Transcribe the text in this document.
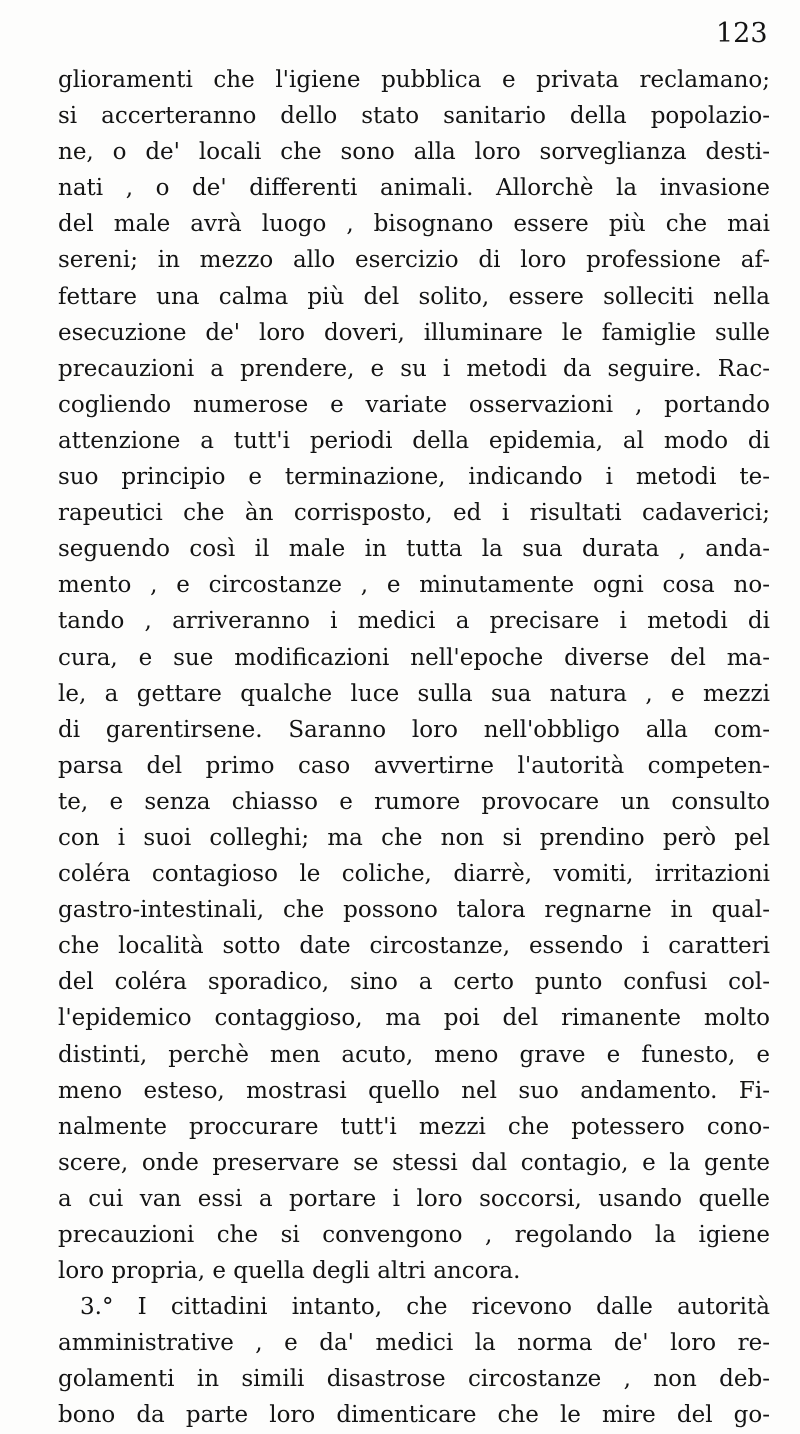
123
glioramenti che l'igiene pubblica e privata reclamano;
si accerteranno dello stato sanitario della popolazio-
ne, o de' locali che sono alla loro sorveglianza desti-
nati , o de' differenti animali. Allorchè la invasione
del male avrà luogo , bisognano essere più che mai
sereni; in mezzo allo esercizio di loro professione af-
fettare una calma più del solito, essere solleciti nella
esecuzione de' loro doveri, illuminare le famiglie sulle
precauzioni a prendere, e su i metodi da seguire. Rac-
cogliendo numerose e variate osservazioni , portando
attenzione a tutt'i periodi della epidemia, al modo di
suo principio e terminazione, indicando i metodi te-
rapeutici che àn corrisposto, ed i risultati cadaverici;
seguendo così il male in tutta la sua durata , anda-
mento , e circostanze , e minutamente ogni cosa no-
tando , arriveranno i medici a precisare i metodi di
cura, e sue modificazioni nell'epoche diverse del ma-
le, a gettare qualche luce sulla sua natura , e mezzi
di garentirsene. Saranno loro nell'obbligo alla com-
parsa del primo caso avvertirne l'autorità competen-
te, e senza chiasso e rumore provocare un consulto
con i suoi colleghi; ma che non si prendino però pel
coléra contagioso le coliche, diarrè, vomiti, irritazioni
gastro-intestinali, che possono talora regnarne in qual-
che località sotto date circostanze, essendo i caratteri
del coléra sporadico, sino a certo punto confusi col-
l'epidemico contaggioso, ma poi del rimanente molto
distinti, perchè men acuto, meno grave e funesto, e
meno esteso, mostrasi quello nel suo andamento. Fi-
nalmente proccurare tutt'i mezzi che potessero cono-
scere, onde preservare se stessi dal contagio, e la gente
a cui van essi a portare i loro soccorsi, usando quelle
precauzioni che si convengono , regolando la igiene
loro propria, e quella degli altri ancora.
3.° I cittadini intanto, che ricevono dalle autorità
amministrative , e da' medici la norma de' loro re-
golamenti in simili disastrose circostanze , non deb-
bono da parte loro dimenticare che le mire del go-
